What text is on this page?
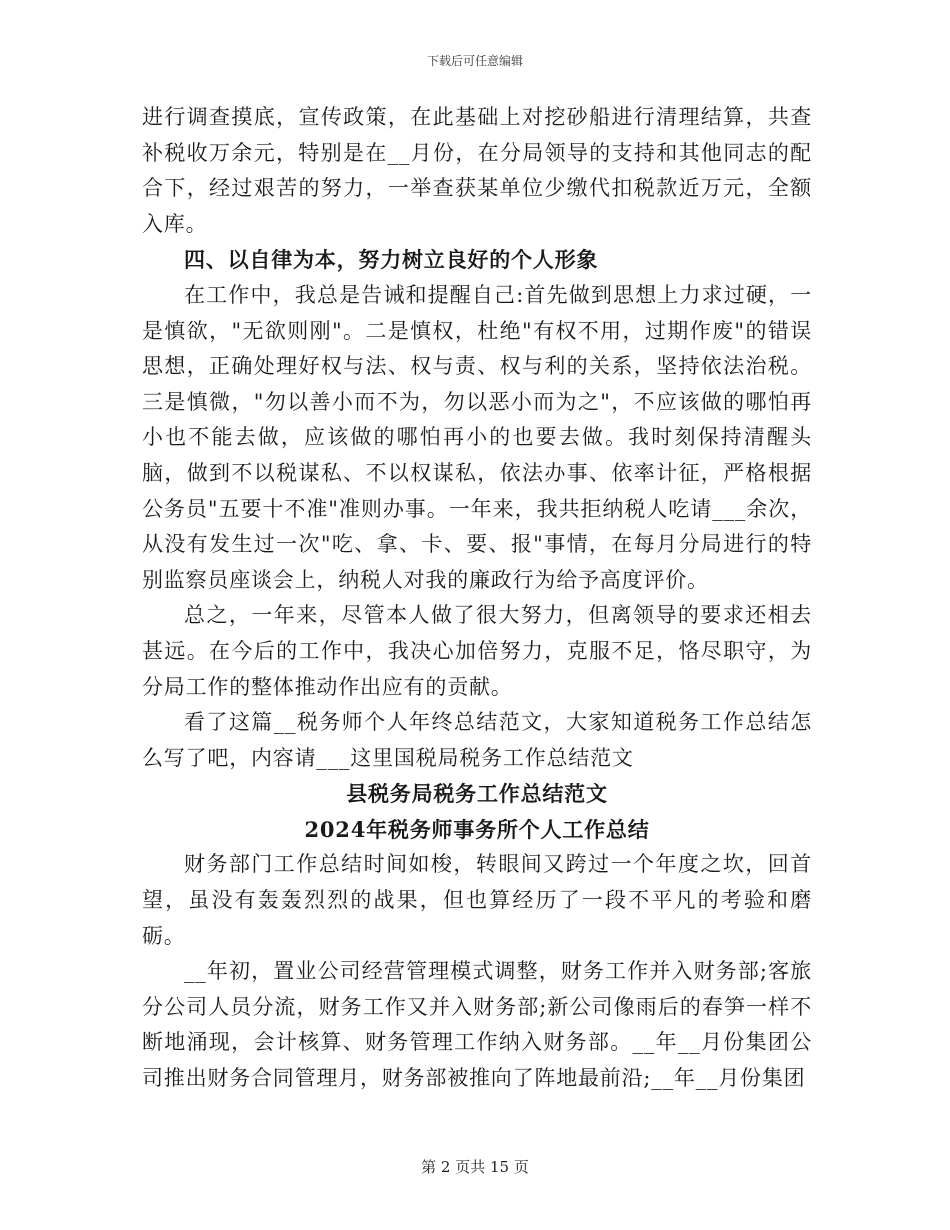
下载后可任意编辑

进行调查摸底，宣传政策，在此基础上对挖砂船进行清理结算，共查补税收万余元，特别是在__月份，在分局领导的支持和其他同志的配合下，经过艰苦的努力，一举查获某单位少缴代扣税款近万元，全额入库。

四、以自律为本，努力树立良好的个人形象

在工作中，我总是告诫和提醒自己:首先做到思想上力求过硬，一是慎欲，"无欲则刚"。二是慎权，杜绝"有权不用，过期作废"的错误思想，正确处理好权与法、权与责、权与利的关系，坚持依法治税。三是慎微，"勿以善小而不为，勿以恶小而为之"，不应该做的哪怕再小也不能去做，应该做的哪怕再小的也要去做。我时刻保持清醒头脑，做到不以税谋私、不以权谋私，依法办事、依率计征，严格根据公务员"五要十不准"准则办事。一年来，我共拒纳税人吃请___余次，从没有发生过一次"吃、拿、卡、要、报"事情，在每月分局进行的特别监察员座谈会上，纳税人对我的廉政行为给予高度评价。

总之，一年来，尽管本人做了很大努力，但离领导的要求还相去甚远。在今后的工作中，我决心加倍努力，克服不足，恪尽职守，为分局工作的整体推动作出应有的贡献。

看了这篇__税务师个人年终总结范文，大家知道税务工作总结怎么写了吧，内容请___这里国税局税务工作总结范文

县税务局税务工作总结范文

2024年税务师事务所个人工作总结

财务部门工作总结时间如梭，转眼间又跨过一个年度之坎，回首望，虽没有轰轰烈烈的战果，但也算经历了一段不平凡的考验和磨砺。

__年初，置业公司经营管理模式调整，财务工作并入财务部;客旅分公司人员分流，财务工作又并入财务部;新公司像雨后的春笋一样不断地涌现，会计核算、财务管理工作纳入财务部。__年__月份集团公司推出财务合同管理月，财务部被推向了阵地最前沿;__年__月份集团

第 2 页共 15 页
